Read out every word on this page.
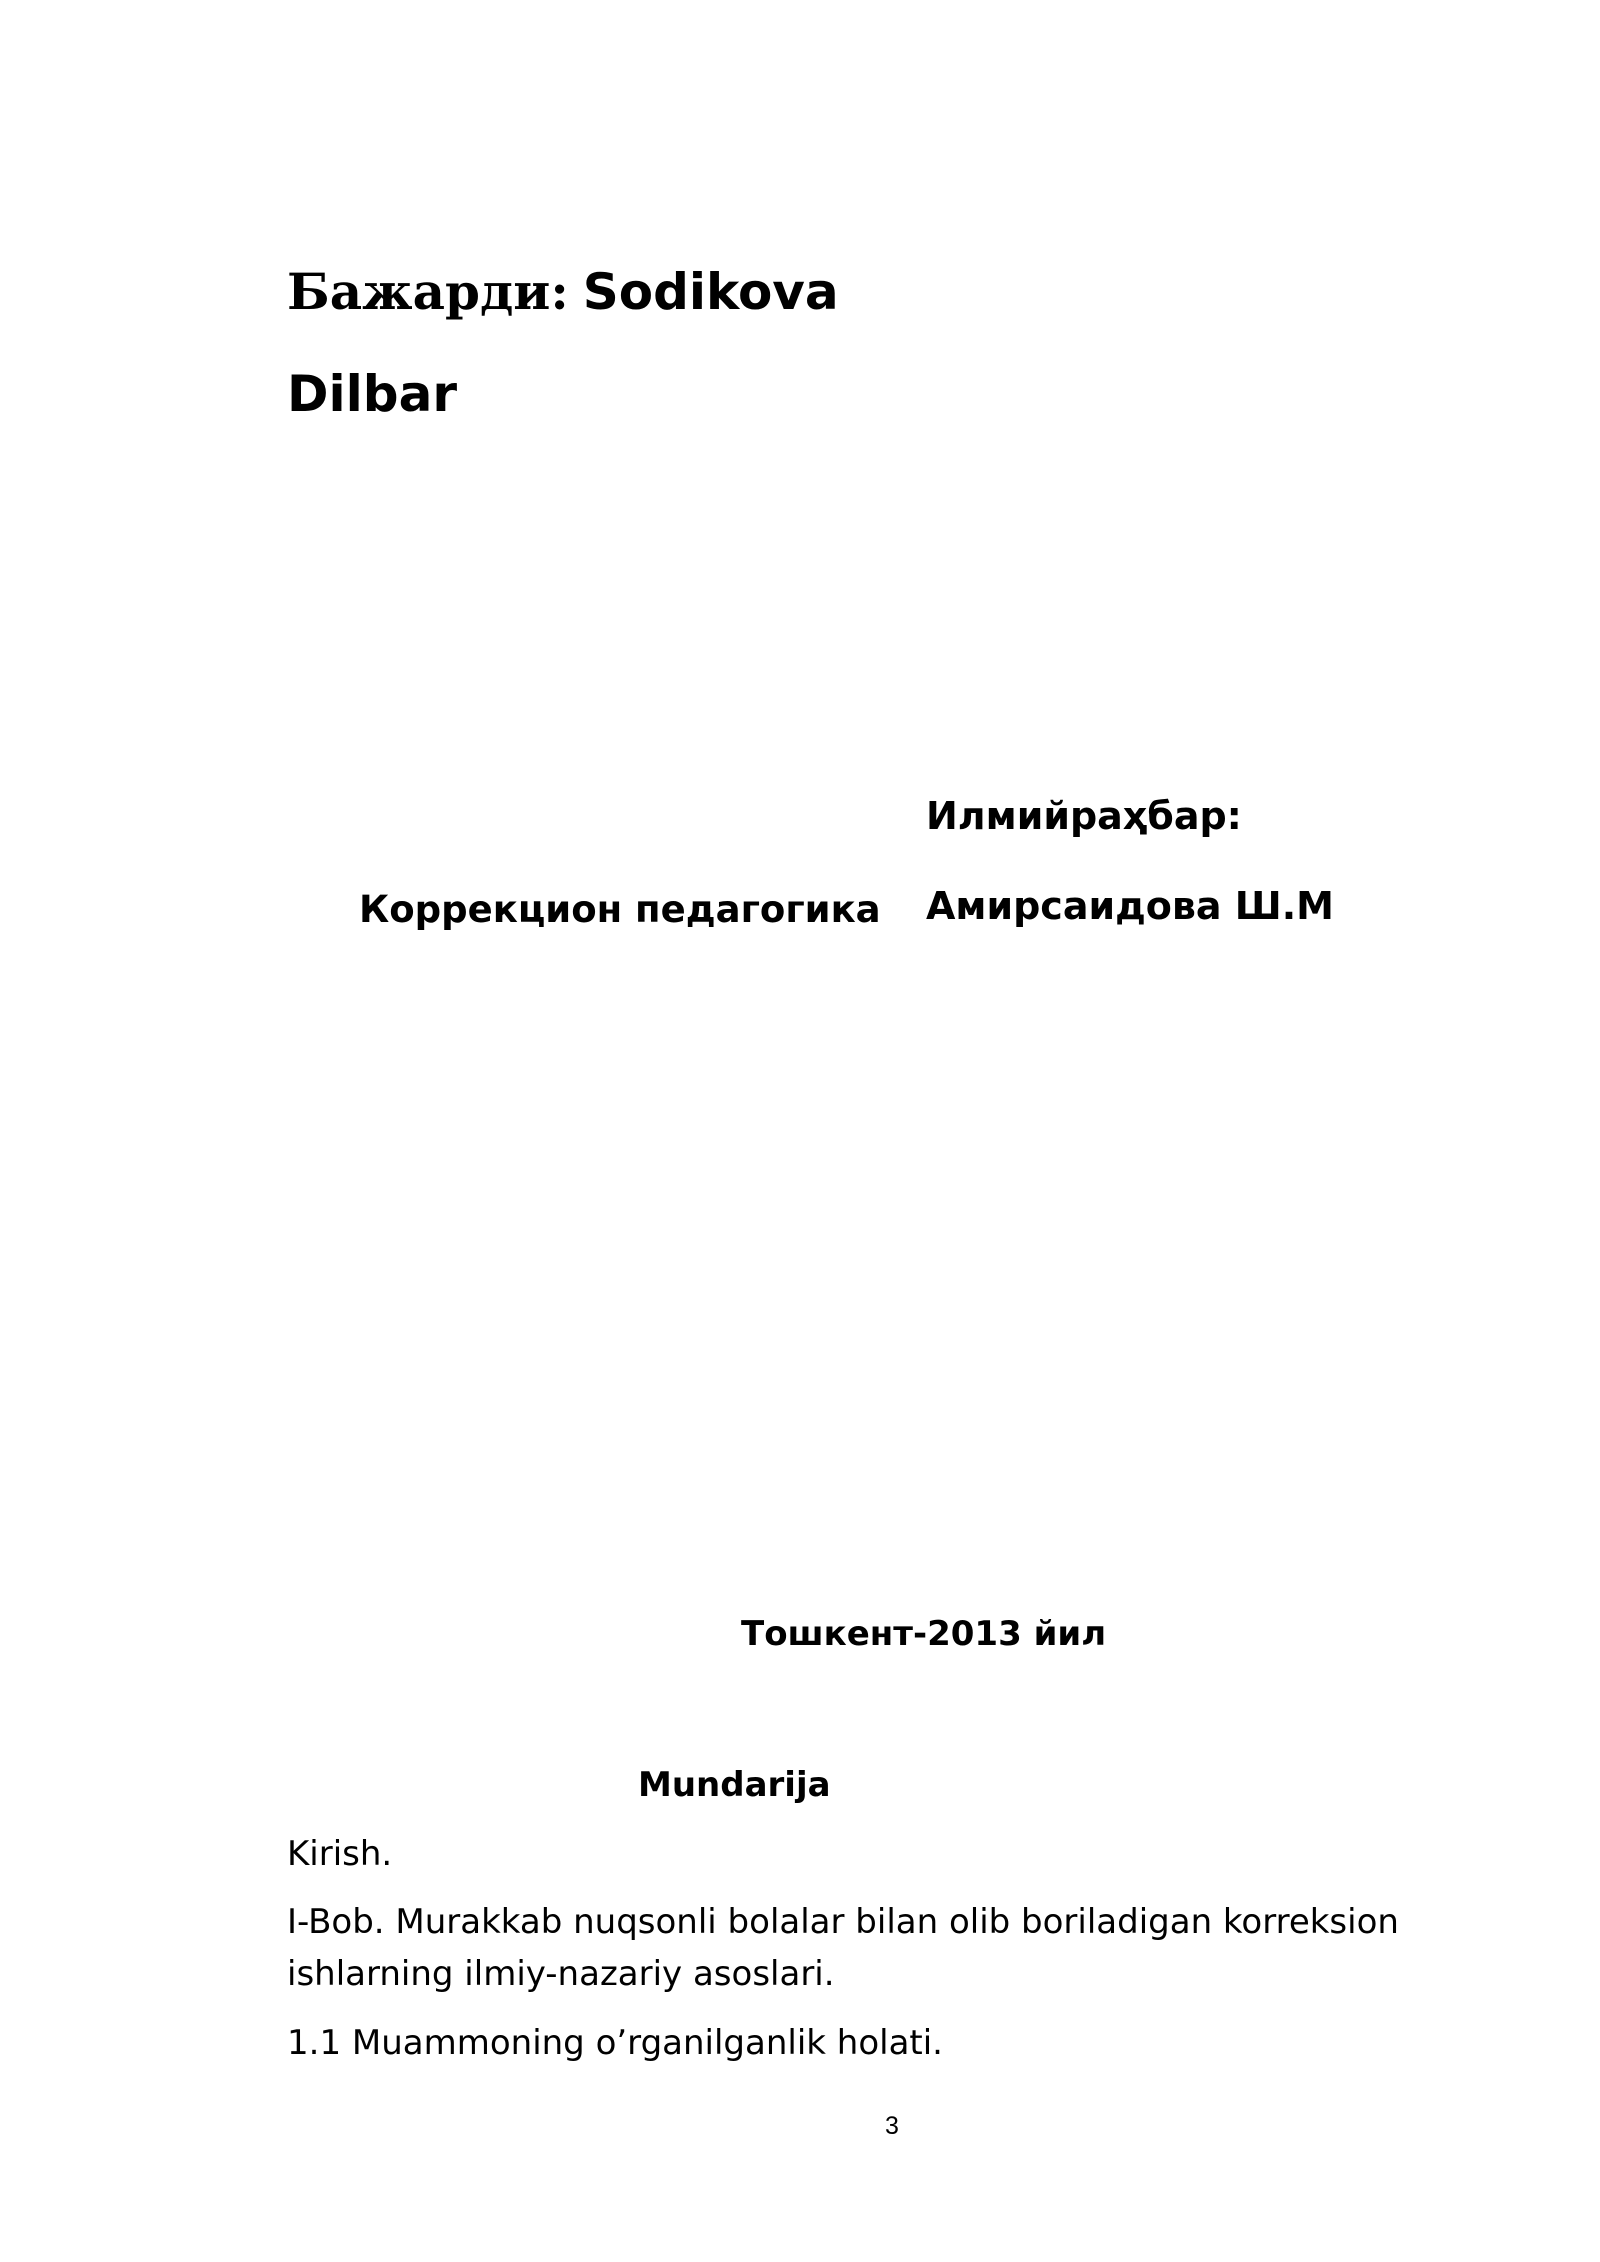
Бажарди: Sodikova
Dilbar
Илмийраҳбар:
Амирсаидова Ш.М
Коррекцион педагогика
Тошкент-2013 йил
Mundarija
Kirish.
I-Bob. Murakkab nuqsonli bolalar bilan olib boriladigan korreksion ishlarning ilmiy-nazariy asoslari.
1.1 Muammoning o’rganilganlik holati.
3
